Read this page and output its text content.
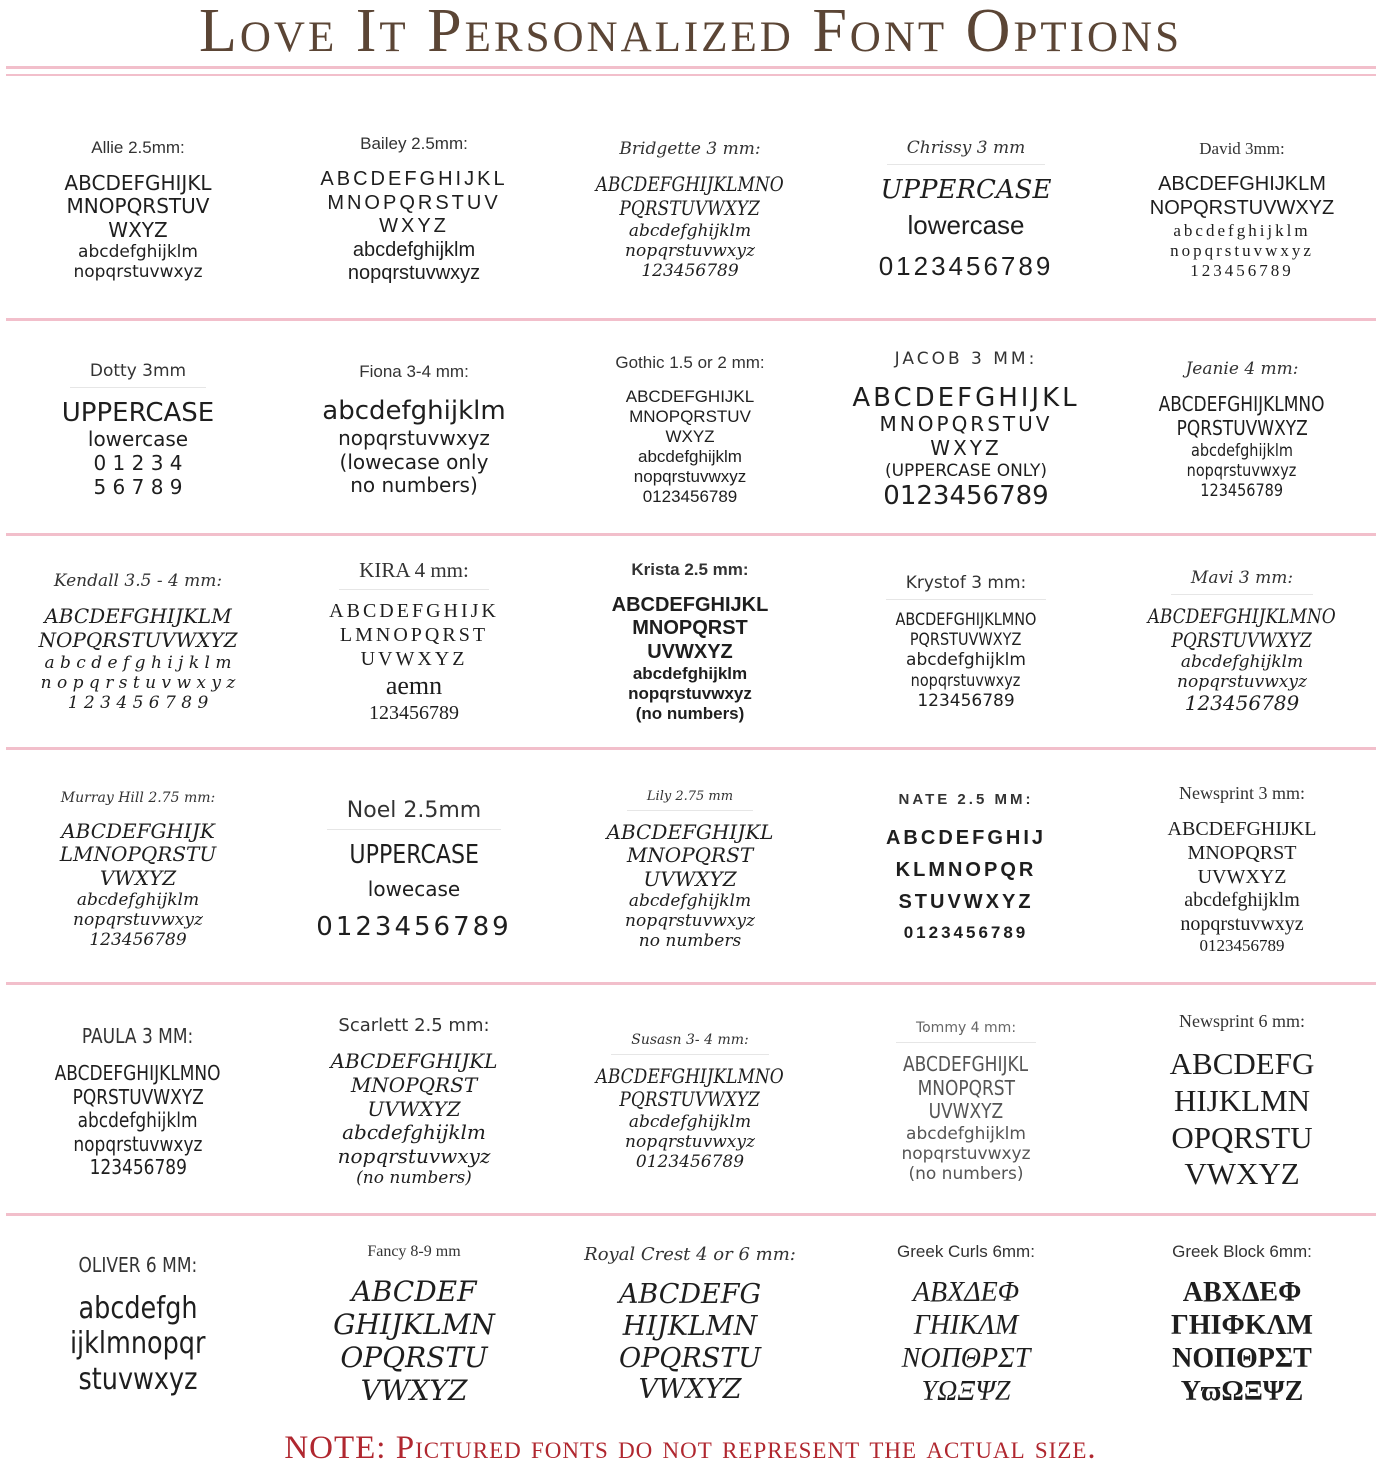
Love It Personalized Font Options
Allie 2.5mm:
ABCDEFGHIJKL
MNOPQRSTUV
WXYZ
abcdefghijklm
nopqrstuvwxyz
Bailey 2.5mm:
ABCDEFGHIJKL
MNOPQRSTUV
WXYZ
abcdefghijklm
nopqrstuvwxyz
Bridgette 3 mm:
ABCDEFGHIJKLMNO
PQRSTUVWXYZ
abcdefghijklm
nopqrstuvwxyz
123456789
Chrissy 3 mm
UPPERCASE
lowercase
0123456789
David 3mm:
ABCDEFGHIJKLM
NOPQRSTUVWXYZ
abcdefghijklm
nopqrstuvwxyz
123456789
Dotty 3mm
UPPERCASE
lowercase
0 1 2 3 4
5 6 7 8 9
Fiona 3-4 mm:
abcdefghijklm
nopqrstuvwxyz
(lowecase only
no numbers)
Gothic 1.5 or 2 mm:
ABCDEFGHIJKL
MNOPQRSTUV
WXYZ
abcdefghijklm
nopqrstuvwxyz
0123456789
JACOB 3 MM:
ABCDEFGHIJKL
MNOPQRSTUV
WXYZ
(UPPERCASE ONLY)
0123456789
Jeanie 4 mm:
ABCDEFGHIJKLMNO
PQRSTUVWXYZ
abcdefghijklm
nopqrstuvwxyz
123456789
Kendall 3.5 - 4 mm:
ABCDEFGHIJKLM
NOPQRSTUVWXYZ
a b c d e f g h i j k l m
n o p q r s t u v w x y z
1 2 3 4 5 6 7 8 9
KIRA 4 mm:
ABCDEFGHIJK
LMNOPQRST
UVWXYZ
aemn
123456789
Krista 2.5 mm:
ABCDEFGHIJKL
MNOPQRST
UVWXYZ
abcdefghijklm
nopqrstuvwxyz
(no numbers)
Krystof 3 mm:
ABCDEFGHIJKLMNO
PQRSTUVWXYZ
abcdefghijklm
nopqrstuvwxyz
123456789
Mavi 3 mm:
ABCDEFGHIJKLMNO
PQRSTUVWXYZ
abcdefghijklm
nopqrstuvwxyz
123456789
Murray Hill 2.75 mm:
ABCDEFGHIJK
LMNOPQRSTU
VWXYZ
abcdefghijklm
nopqrstuvwxyz
123456789
Noel 2.5mm
UPPERCASE
lowecase
0123456789
Lily 2.75 mm
ABCDEFGHIJKL
MNOPQRST
UVWXYZ
abcdefghijklm
nopqrstuvwxyz
no numbers
NATE 2.5 MM:
ABCDEFGHIJ
KLMNOPQR
STUVWXYZ
0123456789
Newsprint 3 mm:
ABCDEFGHIJKL
MNOPQRST
UVWXYZ
abcdefghijklm
nopqrstuvwxyz
0123456789
PAULA 3 MM:
ABCDEFGHIJKLMNO
PQRSTUVWXYZ
abcdefghijklm
nopqrstuvwxyz
123456789
Scarlett 2.5 mm:
ABCDEFGHIJKL
MNOPQRST
UVWXYZ
abcdefghijklm
nopqrstuvwxyz
(no numbers)
Susasn 3- 4 mm:
ABCDEFGHIJKLMNO
PQRSTUVWXYZ
abcdefghijklm
nopqrstuvwxyz
0123456789
Tommy 4 mm:
ABCDEFGHIJKL
MNOPQRST
UVWXYZ
abcdefghijklm
nopqrstuvwxyz
(no numbers)
Newsprint 6 mm:
ABCDEFG
HIJKLMN
OPQRSTU
VWXYZ
OLIVER 6 MM:
abcdefgh
ijklmnopqr
stuvwxyz
Fancy 8-9 mm
ABCDEF
GHIJKLMN
OPQRSTU
VWXYZ
Royal Crest 4 or 6 mm:
ABCDEFG
HIJKLMN
OPQRSTU
VWXYZ
Greek Curls 6mm:
ΑΒΧΔΕΦ
ΓΗΙΚΛΜ
ΝΟΠΘΡΣΤ
ΥΩΞΨΖ
Greek Block 6mm:
ΑΒΧΔΕΦ
ΓΗΙΦΚΛΜ
ΝΟΠΘΡΣΤ
ΥϖΩΞΨΖ
NOTE: Pictured fonts do not represent the actual size.
